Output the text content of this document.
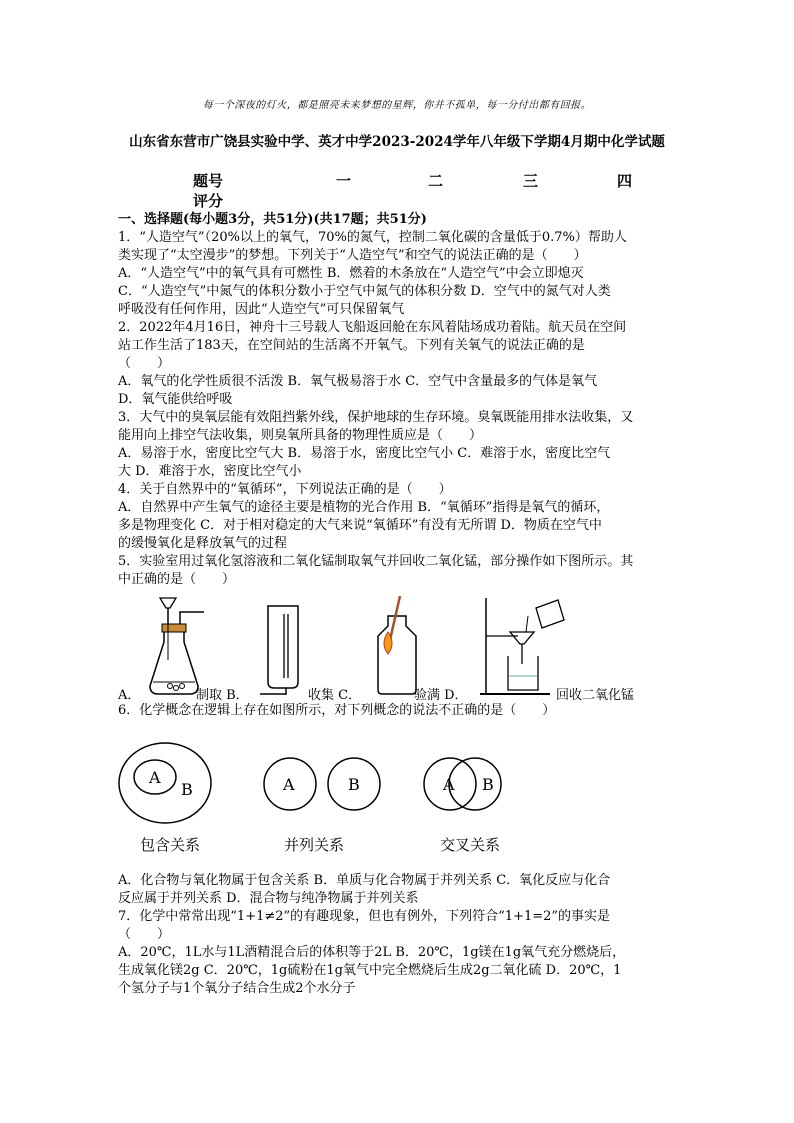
每一个深夜的灯火，都是照亮未来梦想的星辉，你并不孤单，每一分付出都有回报。
山东省东营市广饶县实验中学、英才中学2023-2024学年八年级下学期4月期中化学试题
题号	一	二	三	四
评分

一、选择题(每小题3分，共51分)(共17题；共51分)

1．“人造空气”（20%以上的氧气，70%的氮气，控制二氧化碳的含量低于0.7%）帮助人

类实现了“太空漫步”的梦想。下列关于“人造空气”和空气的说法正确的是（　　）

A．“人造空气”中的氧气具有可燃性 B．燃着的木条放在“人造空气”中会立即熄灭

C．“人造空气”中氮气的体积分数小于空气中氮气的体积分数 D．空气中的氮气对人类

呼吸没有任何作用，因此“人造空气”可只保留氧气

2．2022年4月16日，神舟十三号载人飞船返回舱在东风着陆场成功着陆。航天员在空间

站工作生活了183天，在空间站的生活离不开氧气。下列有关氧气的说法正确的是

（　　）

A．氧气的化学性质很不活泼 B．氧气极易溶于水 C．空气中含量最多的气体是氧气

D．氧气能供给呼吸

3．大气中的臭氧层能有效阻挡紫外线，保护地球的生存环境。臭氧既能用排水法收集，又

能用向上排空气法收集，则臭氧所具备的物理性质应是（　　）

A．易溶于水，密度比空气大 B．易溶于水，密度比空气小 C．难溶于水，密度比空气

大 D．难溶于水，密度比空气小

4．关于自然界中的“氧循环”，下列说法正确的是（　　）

A．自然界中产生氧气的途径主要是植物的光合作用 B．“氧循环”指得是氧气的循环，

多是物理变化 C．对于相对稳定的大气来说“氧循环”有没有无所谓 D．物质在空气中

的缓慢氧化是释放氧气的过程

5．实验室用过氧化氢溶液和二氧化锰制取氧气并回收二氧化锰，部分操作如下图所示。其

中正确的是（　　）

A．	制取 B．	收集 C．	验满 D．	回收二氧化锰

6．化学概念在逻辑上存在如图所示，对下列概念的说法不正确的是（　　）

A
B	A	B	A B
包含关系	并列关系	交叉关系

A．化合物与氧化物属于包含关系 B．单质与化合物属于并列关系 C．氧化反应与化合

反应属于并列关系 D．混合物与纯净物属于并列关系

7．化学中常常出现“1+1≠2”的有趣现象，但也有例外，下列符合“1+1=2”的事实是

（　　）

A．20℃，1L水与1L酒精混合后的体积等于2L B．20℃，1g镁在1g氧气充分燃烧后，

生成氧化镁2g C．20℃，1g硫粉在1g氧气中完全燃烧后生成2g二氧化硫 D．20℃，1

个氢分子与1个氧分子结合生成2个水分子
